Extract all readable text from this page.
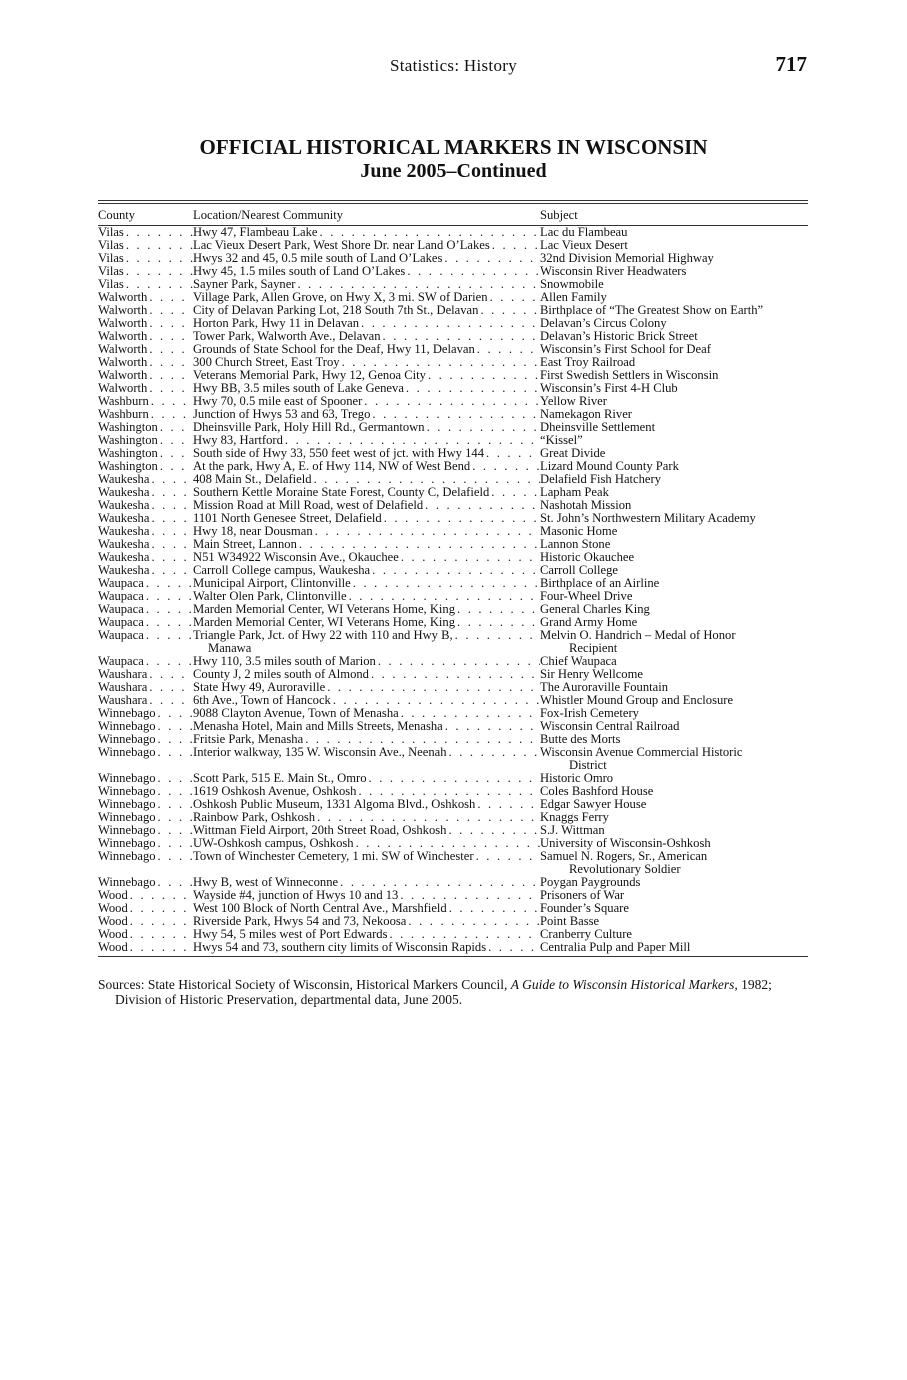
Statistics: History	717
OFFICIAL HISTORICAL MARKERS IN WISCONSIN
June 2005–Continued
County	Location/Nearest Community	Subject
Vilas . . .	Hwy 47, Flambeau Lake . . .	Lac du Flambeau
Vilas . . .	Lac Vieux Desert Park, West Shore Dr. near Land O’Lakes . . .	Lac Vieux Desert
Vilas . . .	Hwys 32 and 45, 0.5 mile south of Land O’Lakes . . .	32nd Division Memorial Highway
Vilas . . .	Hwy 45, 1.5 miles south of Land O’Lakes . . .	Wisconsin River Headwaters
Vilas . . .	Sayner Park, Sayner . . .	Snowmobile
Walworth . . .	Village Park, Allen Grove, on Hwy X, 3 mi. SW of Darien . . .	Allen Family
Walworth . . .	City of Delavan Parking Lot, 218 South 7th St., Delavan . . .	Birthplace of “The Greatest Show on Earth”
Walworth . . .	Horton Park, Hwy 11 in Delavan . . .	Delavan’s Circus Colony
Walworth . . .	Tower Park, Walworth Ave., Delavan . . .	Delavan’s Historic Brick Street
Walworth . . .	Grounds of State School for the Deaf, Hwy 11, Delavan . . .	Wisconsin’s First School for Deaf
Walworth . . .	300 Church Street, East Troy . . .	East Troy Railroad
Walworth . . .	Veterans Memorial Park, Hwy 12, Genoa City . . .	First Swedish Settlers in Wisconsin
Walworth . . .	Hwy BB, 3.5 miles south of Lake Geneva . . .	Wisconsin’s First 4-H Club
Washburn . . .	Hwy 70, 0.5 mile east of Spooner . . .	Yellow River
Washburn . . .	Junction of Hwys 53 and 63, Trego . . .	Namekagon River
Washington . . .	Dheinsville Park, Holy Hill Rd., Germantown . . .	Dheinsville Settlement
Washington . . .	Hwy 83, Hartford . . .	“Kissel”
Washington . . .	South side of Hwy 33, 550 feet west of jct. with Hwy 144 . . .	Great Divide
Washington . . .	At the park, Hwy A, E. of Hwy 114, NW of West Bend . . .	Lizard Mound County Park
Waukesha . . .	408 Main St., Delafield . . .	Delafield Fish Hatchery
Waukesha . . .	Southern Kettle Moraine State Forest, County C, Delafield . . .	Lapham Peak
Waukesha . . .	Mission Road at Mill Road, west of Delafield . . .	Nashotah Mission
Waukesha . . .	1101 North Genesee Street, Delafield . . .	St. John’s Northwestern Military Academy
Waukesha . . .	Hwy 18, near Dousman . . .	Masonic Home
Waukesha . . .	Main Street, Lannon . . .	Lannon Stone
Waukesha . . .	N51 W34922 Wisconsin Ave., Okauchee . . .	Historic Okauchee
Waukesha . . .	Carroll College campus, Waukesha . . .	Carroll College
Waupaca . . .	Municipal Airport, Clintonville . . .	Birthplace of an Airline
Waupaca . . .	Walter Olen Park, Clintonville . . .	Four-Wheel Drive
Waupaca . . .	Marden Memorial Center, WI Veterans Home, King . . .	General Charles King
Waupaca . . .	Marden Memorial Center, WI Veterans Home, King . . .	Grand Army Home
Waupaca . . .	Triangle Park, Jct. of Hwy 22 with 110 and Hwy B, . . .	Melvin O. Handrich – Medal of Honor
Manawa	Recipient
Waupaca . . .	Hwy 110, 3.5 miles south of Marion . . .	Chief Waupaca
Waushara . . .	County J, 2 miles south of Almond . . .	Sir Henry Wellcome
Waushara . . .	State Hwy 49, Auroraville . . .	The Auroraville Fountain
Waushara . . .	6th Ave., Town of Hancock . . .	Whistler Mound Group and Enclosure
Winnebago . . .	9088 Clayton Avenue, Town of Menasha . . .	Fox-Irish Cemetery
Winnebago . . .	Menasha Hotel, Main and Mills Streets, Menasha . . .	Wisconsin Central Railroad
Winnebago . . .	Fritsie Park, Menasha . . .	Butte des Morts
Winnebago . . .	Interior walkway, 135 W. Wisconsin Ave., Neenah . . .	Wisconsin Avenue Commercial Historic
District
Winnebago . . .	Scott Park, 515 E. Main St., Omro . . .	Historic Omro
Winnebago . . .	1619 Oshkosh Avenue, Oshkosh . . .	Coles Bashford House
Winnebago . . .	Oshkosh Public Museum, 1331 Algoma Blvd., Oshkosh . . .	Edgar Sawyer House
Winnebago . . .	Rainbow Park, Oshkosh . . .	Knaggs Ferry
Winnebago . . .	Wittman Field Airport, 20th Street Road, Oshkosh . . .	S.J. Wittman
Winnebago . . .	UW-Oshkosh campus, Oshkosh . . .	University of Wisconsin-Oshkosh
Winnebago . . .	Town of Winchester Cemetery, 1 mi. SW of Winchester . . .	Samuel N. Rogers, Sr., American
Revolutionary Soldier
Winnebago . . .	Hwy B, west of Winneconne . . .	Poygan Paygrounds
Wood . . .	Wayside #4, junction of Hwys 10 and 13 . . .	Prisoners of War
Wood . . .	West 100 Block of North Central Ave., Marshfield . . .	Founder’s Square
Wood . . .	Riverside Park, Hwys 54 and 73, Nekoosa . . .	Point Basse
Wood . . .	Hwy 54, 5 miles west of Port Edwards . . .	Cranberry Culture
Wood . . .	Hwys 54 and 73, southern city limits of Wisconsin Rapids . . .	Centralia Pulp and Paper Mill
Sources: State Historical Society of Wisconsin, Historical Markers Council, A Guide to Wisconsin Historical Markers, 1982;
Division of Historic Preservation, departmental data, June 2005.
